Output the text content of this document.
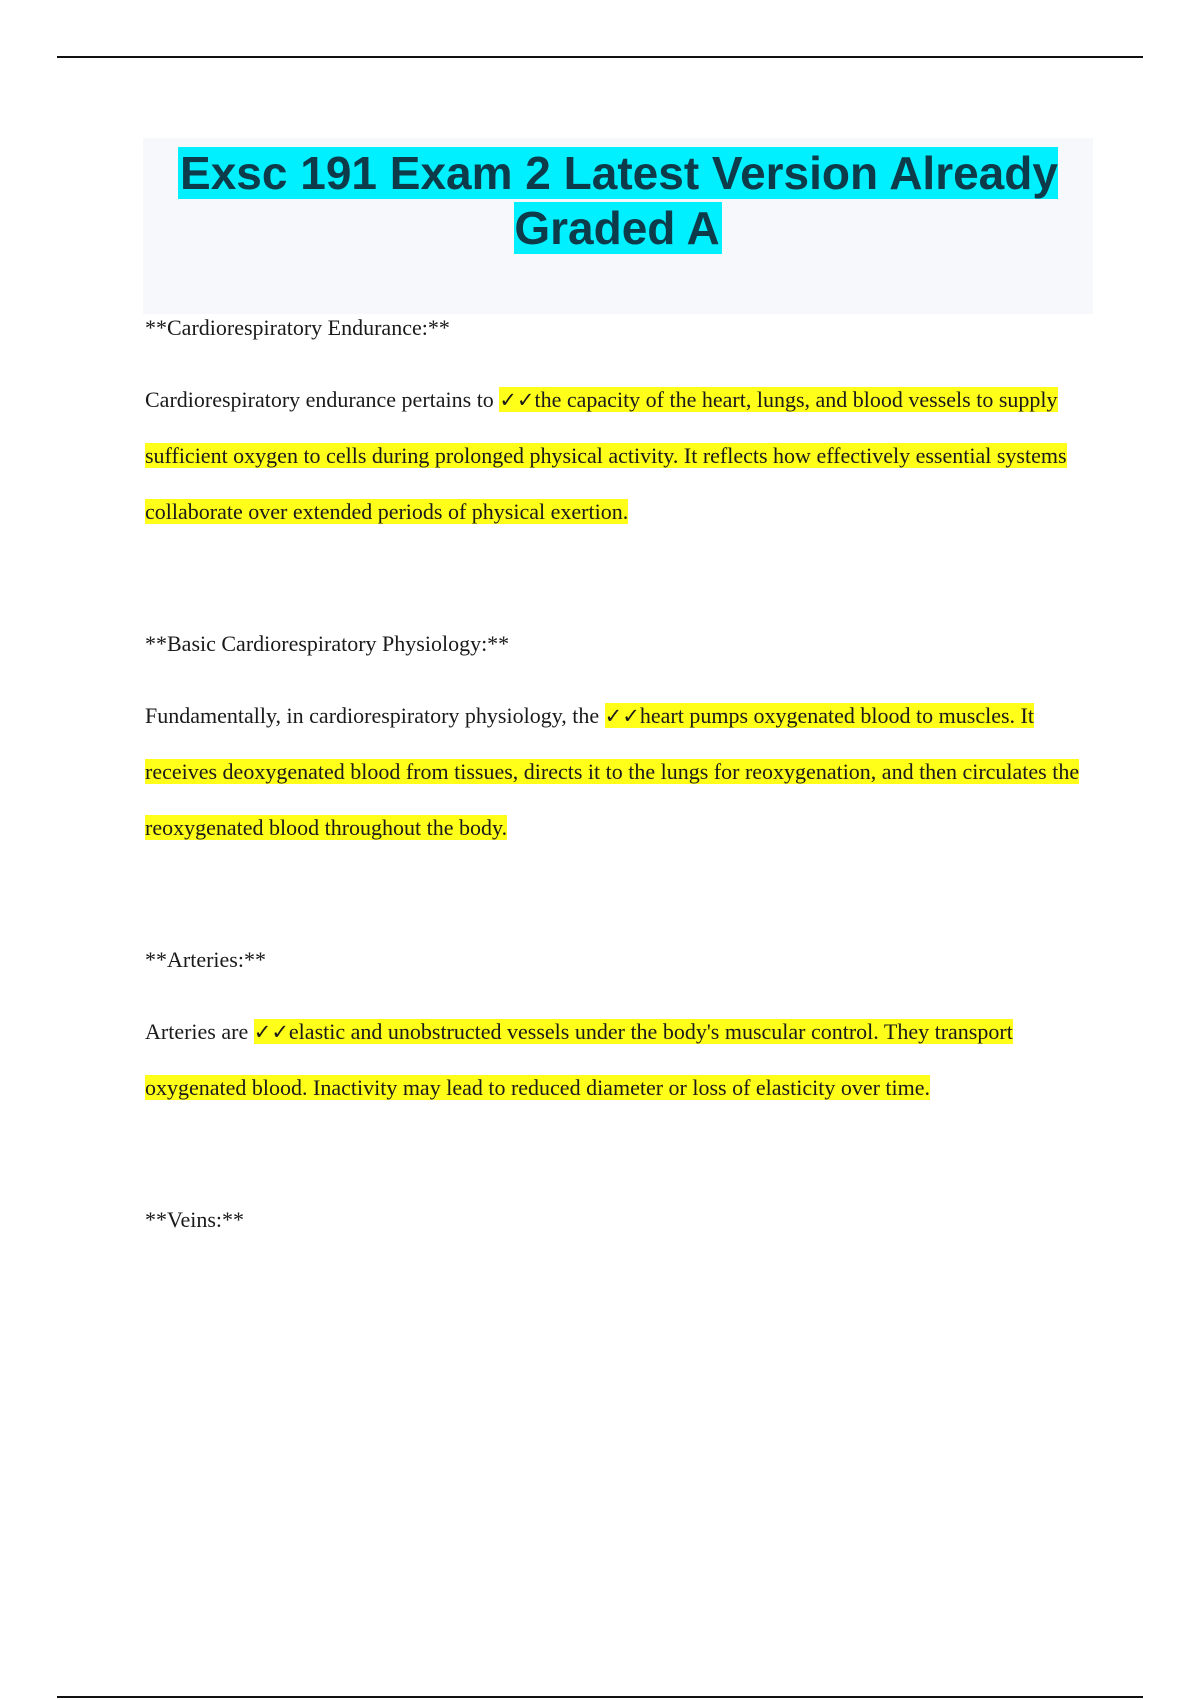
Exsc 191 Exam 2 Latest Version Already Graded A

**Cardiorespiratory Endurance:**

Cardiorespiratory endurance pertains to ✓✓the capacity of the heart, lungs, and blood vessels to supply sufficient oxygen to cells during prolonged physical activity. It reflects how effectively essential systems collaborate over extended periods of physical exertion.

**Basic Cardiorespiratory Physiology:**

Fundamentally, in cardiorespiratory physiology, the ✓✓heart pumps oxygenated blood to muscles. It receives deoxygenated blood from tissues, directs it to the lungs for reoxygenation, and then circulates the reoxygenated blood throughout the body.

**Arteries:**

Arteries are ✓✓elastic and unobstructed vessels under the body's muscular control. They transport oxygenated blood. Inactivity may lead to reduced diameter or loss of elasticity over time.

**Veins:**
